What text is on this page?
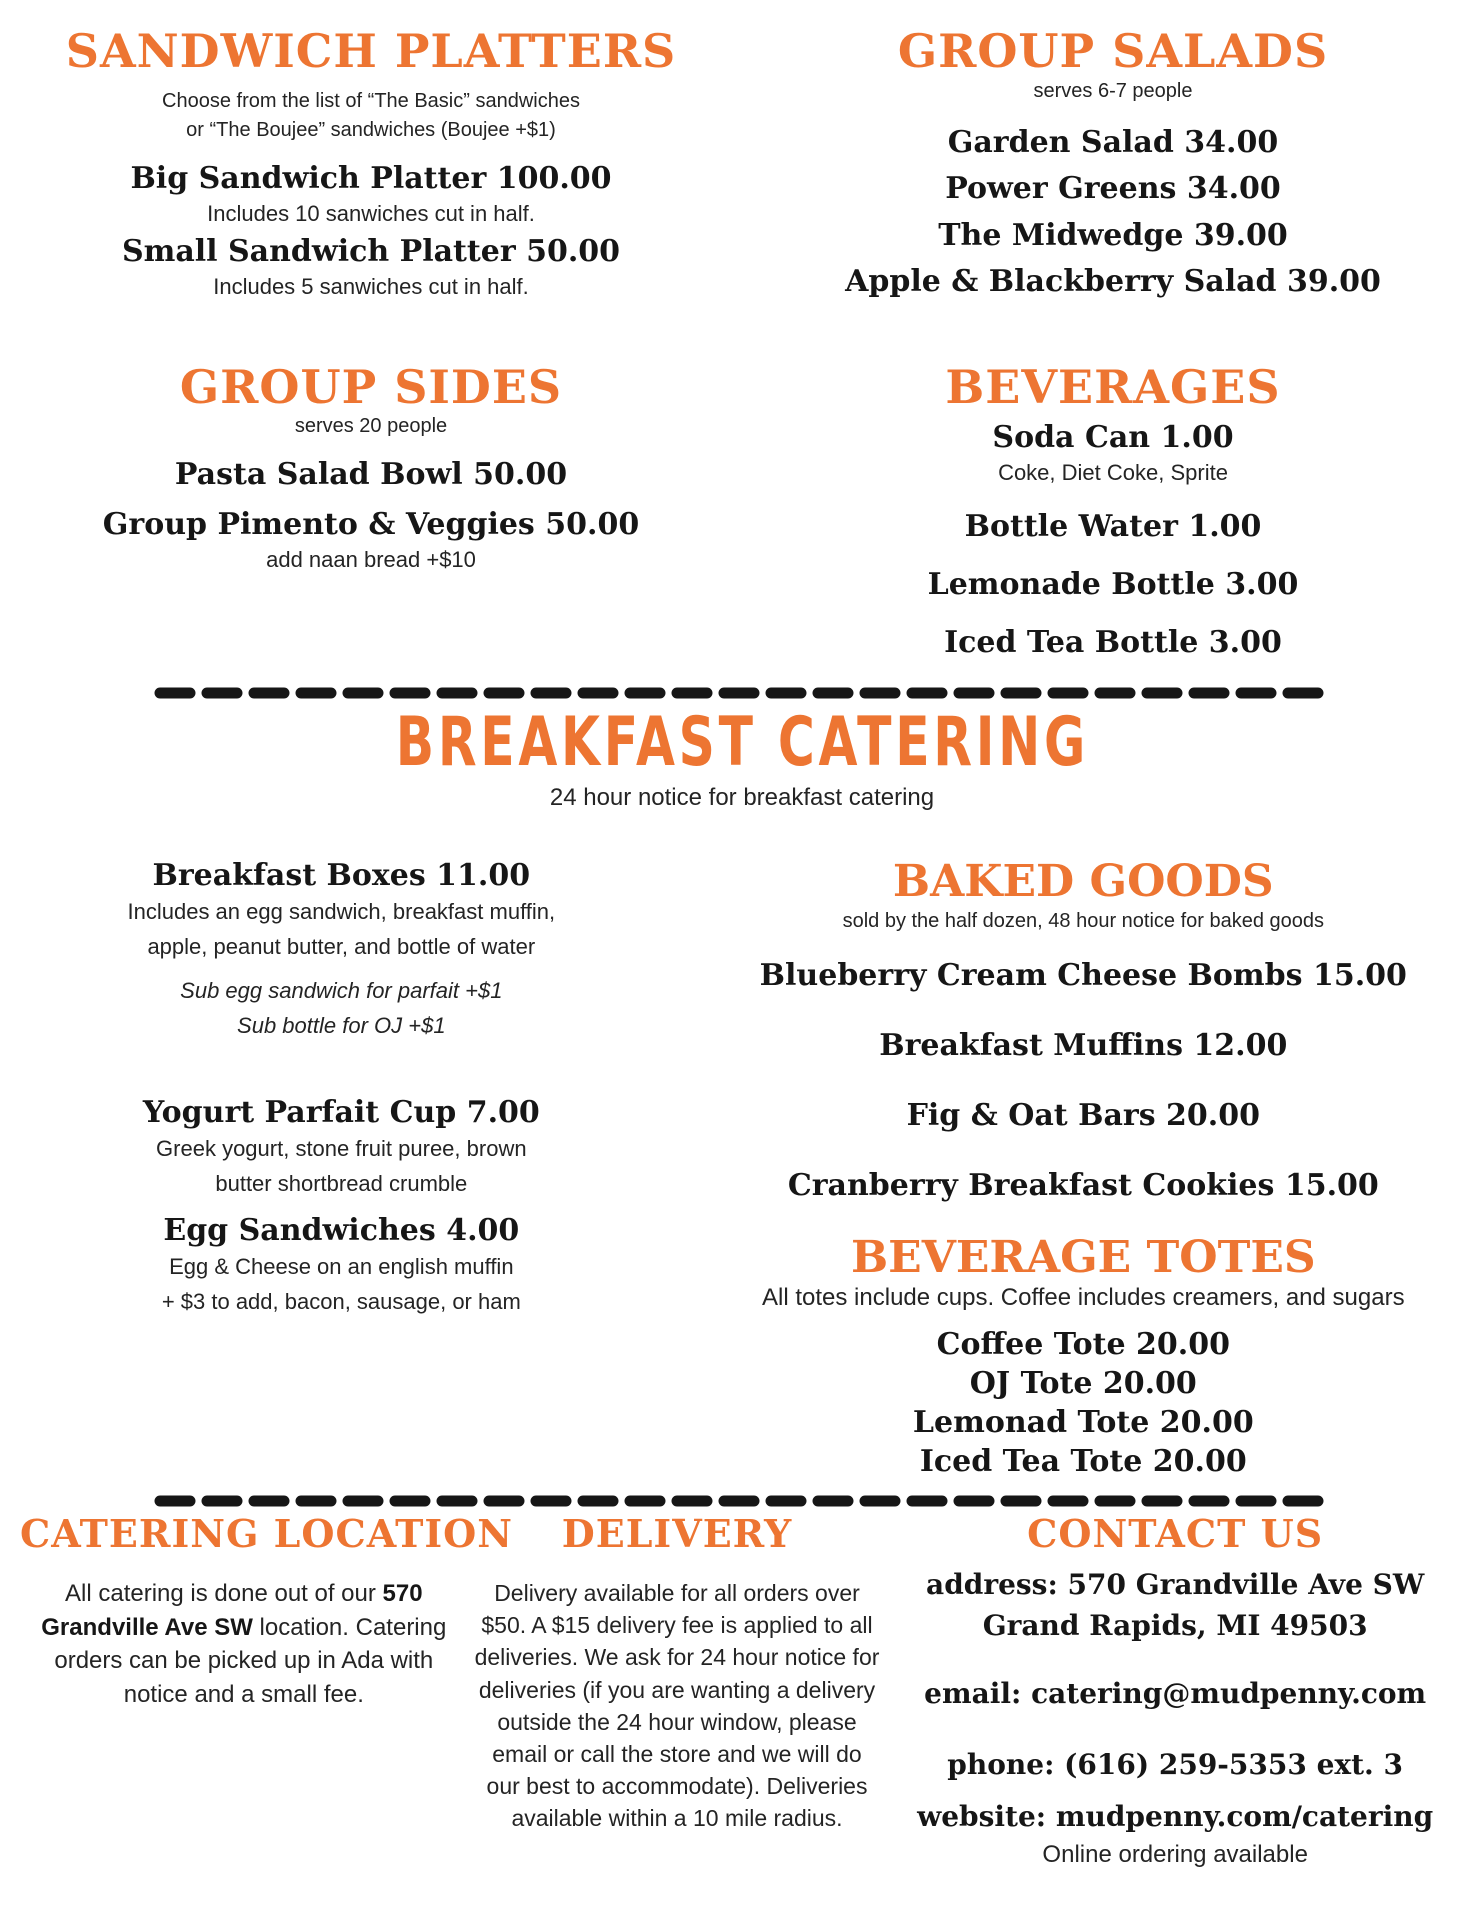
SANDWICH PLATTERS
Choose from the list of “The Basic” sandwiches
or “The Boujee” sandwiches (Boujee +$1)
Big Sandwich Platter 100.00
Includes 10 sanwiches cut in half.
Small Sandwich Platter 50.00
Includes 5 sanwiches cut in half.
GROUP SALADS
serves 6-7 people
Garden Salad 34.00
Power Greens 34.00
The Midwedge 39.00
Apple & Blackberry Salad 39.00
GROUP SIDES
serves 20 people
Pasta Salad Bowl 50.00
Group Pimento & Veggies 50.00
add naan bread +$10
BEVERAGES
Soda Can 1.00
Coke, Diet Coke, Sprite
Bottle Water 1.00
Lemonade Bottle 3.00
Iced Tea Bottle 3.00
BREAKFAST CATERING
24 hour notice for breakfast catering
Breakfast Boxes 11.00
Includes an egg sandwich, breakfast muffin,
apple, peanut butter, and bottle of water
Sub egg sandwich for parfait +$1
Sub bottle for OJ +$1
Yogurt Parfait Cup 7.00
Greek yogurt, stone fruit puree, brown
butter shortbread crumble
Egg Sandwiches 4.00
Egg & Cheese on an english muffin
+ $3 to add, bacon, sausage, or ham
BAKED GOODS
sold by the half dozen, 48 hour notice for baked goods
Blueberry Cream Cheese Bombs 15.00
Breakfast Muffins 12.00
Fig & Oat Bars 20.00
Cranberry Breakfast Cookies 15.00
BEVERAGE TOTES
All totes include cups. Coffee includes creamers, and sugars
Coffee Tote 20.00
OJ Tote 20.00
Lemonad Tote 20.00
Iced Tea Tote 20.00
CATERING LOCATION
All catering is done out of our 570 Grandville Ave SW location. Catering orders can be picked up in Ada with notice and a small fee.
DELIVERY
Delivery available for all orders over $50. A $15 delivery fee is applied to all deliveries. We ask for 24 hour notice for deliveries (if you are wanting a delivery outside the 24 hour window, please email or call the store and we will do our best to accommodate). Deliveries available within a 10 mile radius.
CONTACT US
address: 570 Grandville Ave SW
Grand Rapids, MI 49503
email: catering@mudpenny.com
phone: (616) 259-5353 ext. 3
website: mudpenny.com/catering
Online ordering available
